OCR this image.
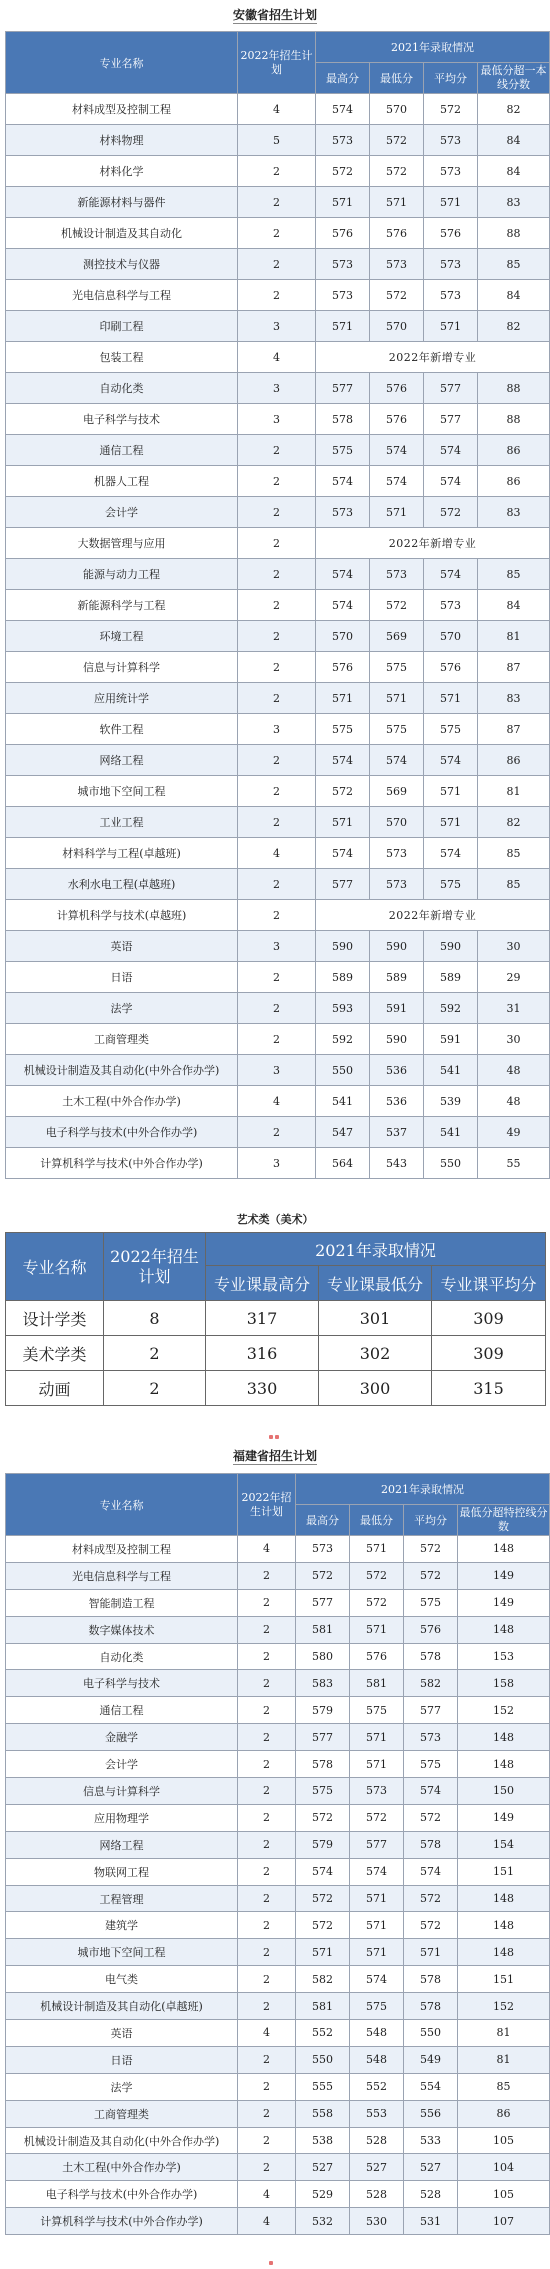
安徽省招生计划
专业名称	2022年招生计划	2021年录取情况			
		最高分	最低分	平均分	最低分超一本线分数
材料成型及控制工程	4	574	570	572	82
材料物理	5	573	572	573	84
材料化学	2	572	572	573	84
新能源材料与器件	2	571	571	571	83
机械设计制造及其自动化	2	576	576	576	88
测控技术与仪器	2	573	573	573	85
光电信息科学与工程	2	573	572	573	84
印刷工程	3	571	570	571	82
包装工程	4	2022年新增专业			
自动化类	3	577	576	577	88
电子科学与技术	3	578	576	577	88
通信工程	2	575	574	574	86
机器人工程	2	574	574	574	86
会计学	2	573	571	572	83
大数据管理与应用	2	2022年新增专业			
能源与动力工程	2	574	573	574	85
新能源科学与工程	2	574	572	573	84
环境工程	2	570	569	570	81
信息与计算科学	2	576	575	576	87
应用统计学	2	571	571	571	83
软件工程	3	575	575	575	87
网络工程	2	574	574	574	86
城市地下空间工程	2	572	569	571	81
工业工程	2	571	570	571	82
材料科学与工程(卓越班)	4	574	573	574	85
水利水电工程(卓越班)	2	577	573	575	85
计算机科学与技术(卓越班)	2	2022年新增专业			
英语	3	590	590	590	30
日语	2	589	589	589	29
法学	2	593	591	592	31
工商管理类	2	592	590	591	30
机械设计制造及其自动化(中外合作办学)	3	550	536	541	48
土木工程(中外合作办学)	4	541	536	539	48
电子科学与技术(中外合作办学)	2	547	537	541	49
计算机科学与技术(中外合作办学)	3	564	543	550	55
艺术类（美术）
专业名称	2022年招生计划	2021年录取情况		
		专业课最高分	专业课最低分	专业课平均分
设计学类	8	317	301	309
美术学类	2	316	302	309
动画	2	330	300	315
福建省招生计划
专业名称	2022年招生计划	2021年录取情况			
		最高分	最低分	平均分	最低分超特控线分数
材料成型及控制工程	4	573	571	572	148
光电信息科学与工程	2	572	572	572	149
智能制造工程	2	577	572	575	149
数字媒体技术	2	581	571	576	148
自动化类	2	580	576	578	153
电子科学与技术	2	583	581	582	158
通信工程	2	579	575	577	152
金融学	2	577	571	573	148
会计学	2	578	571	575	148
信息与计算科学	2	575	573	574	150
应用物理学	2	572	572	572	149
网络工程	2	579	577	578	154
物联网工程	2	574	574	574	151
工程管理	2	572	571	572	148
建筑学	2	572	571	572	148
城市地下空间工程	2	571	571	571	148
电气类	2	582	574	578	151
机械设计制造及其自动化(卓越班)	2	581	575	578	152
英语	4	552	548	550	81
日语	2	550	548	549	81
法学	2	555	552	554	85
工商管理类	2	558	553	556	86
机械设计制造及其自动化(中外合作办学)	2	538	528	533	105
土木工程(中外合作办学)	2	527	527	527	104
电子科学与技术(中外合作办学)	4	529	528	528	105
计算机科学与技术(中外合作办学)	4	532	530	531	107
